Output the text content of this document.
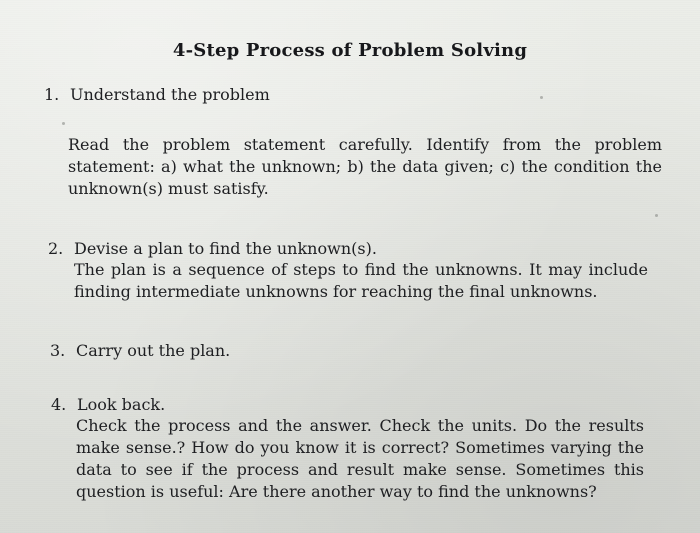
4-Step Process of Problem Solving
1. Understand the problem
Read the problem statement carefully. Identify from the problem statement: a) what the unknown; b) the data given; c) the condition the unknown(s) must satisfy.
2. Devise a plan to find the unknown(s).
The plan is a sequence of steps to find the unknowns. It may include finding intermediate unknowns for reaching the final unknowns.
3. Carry out the plan.
4. Look back.
Check the process and the answer. Check the units. Do the results make sense.? How do you know it is correct? Sometimes varying the data to see if the process and result make sense. Sometimes this question is useful: Are there another way to find the unknowns?
